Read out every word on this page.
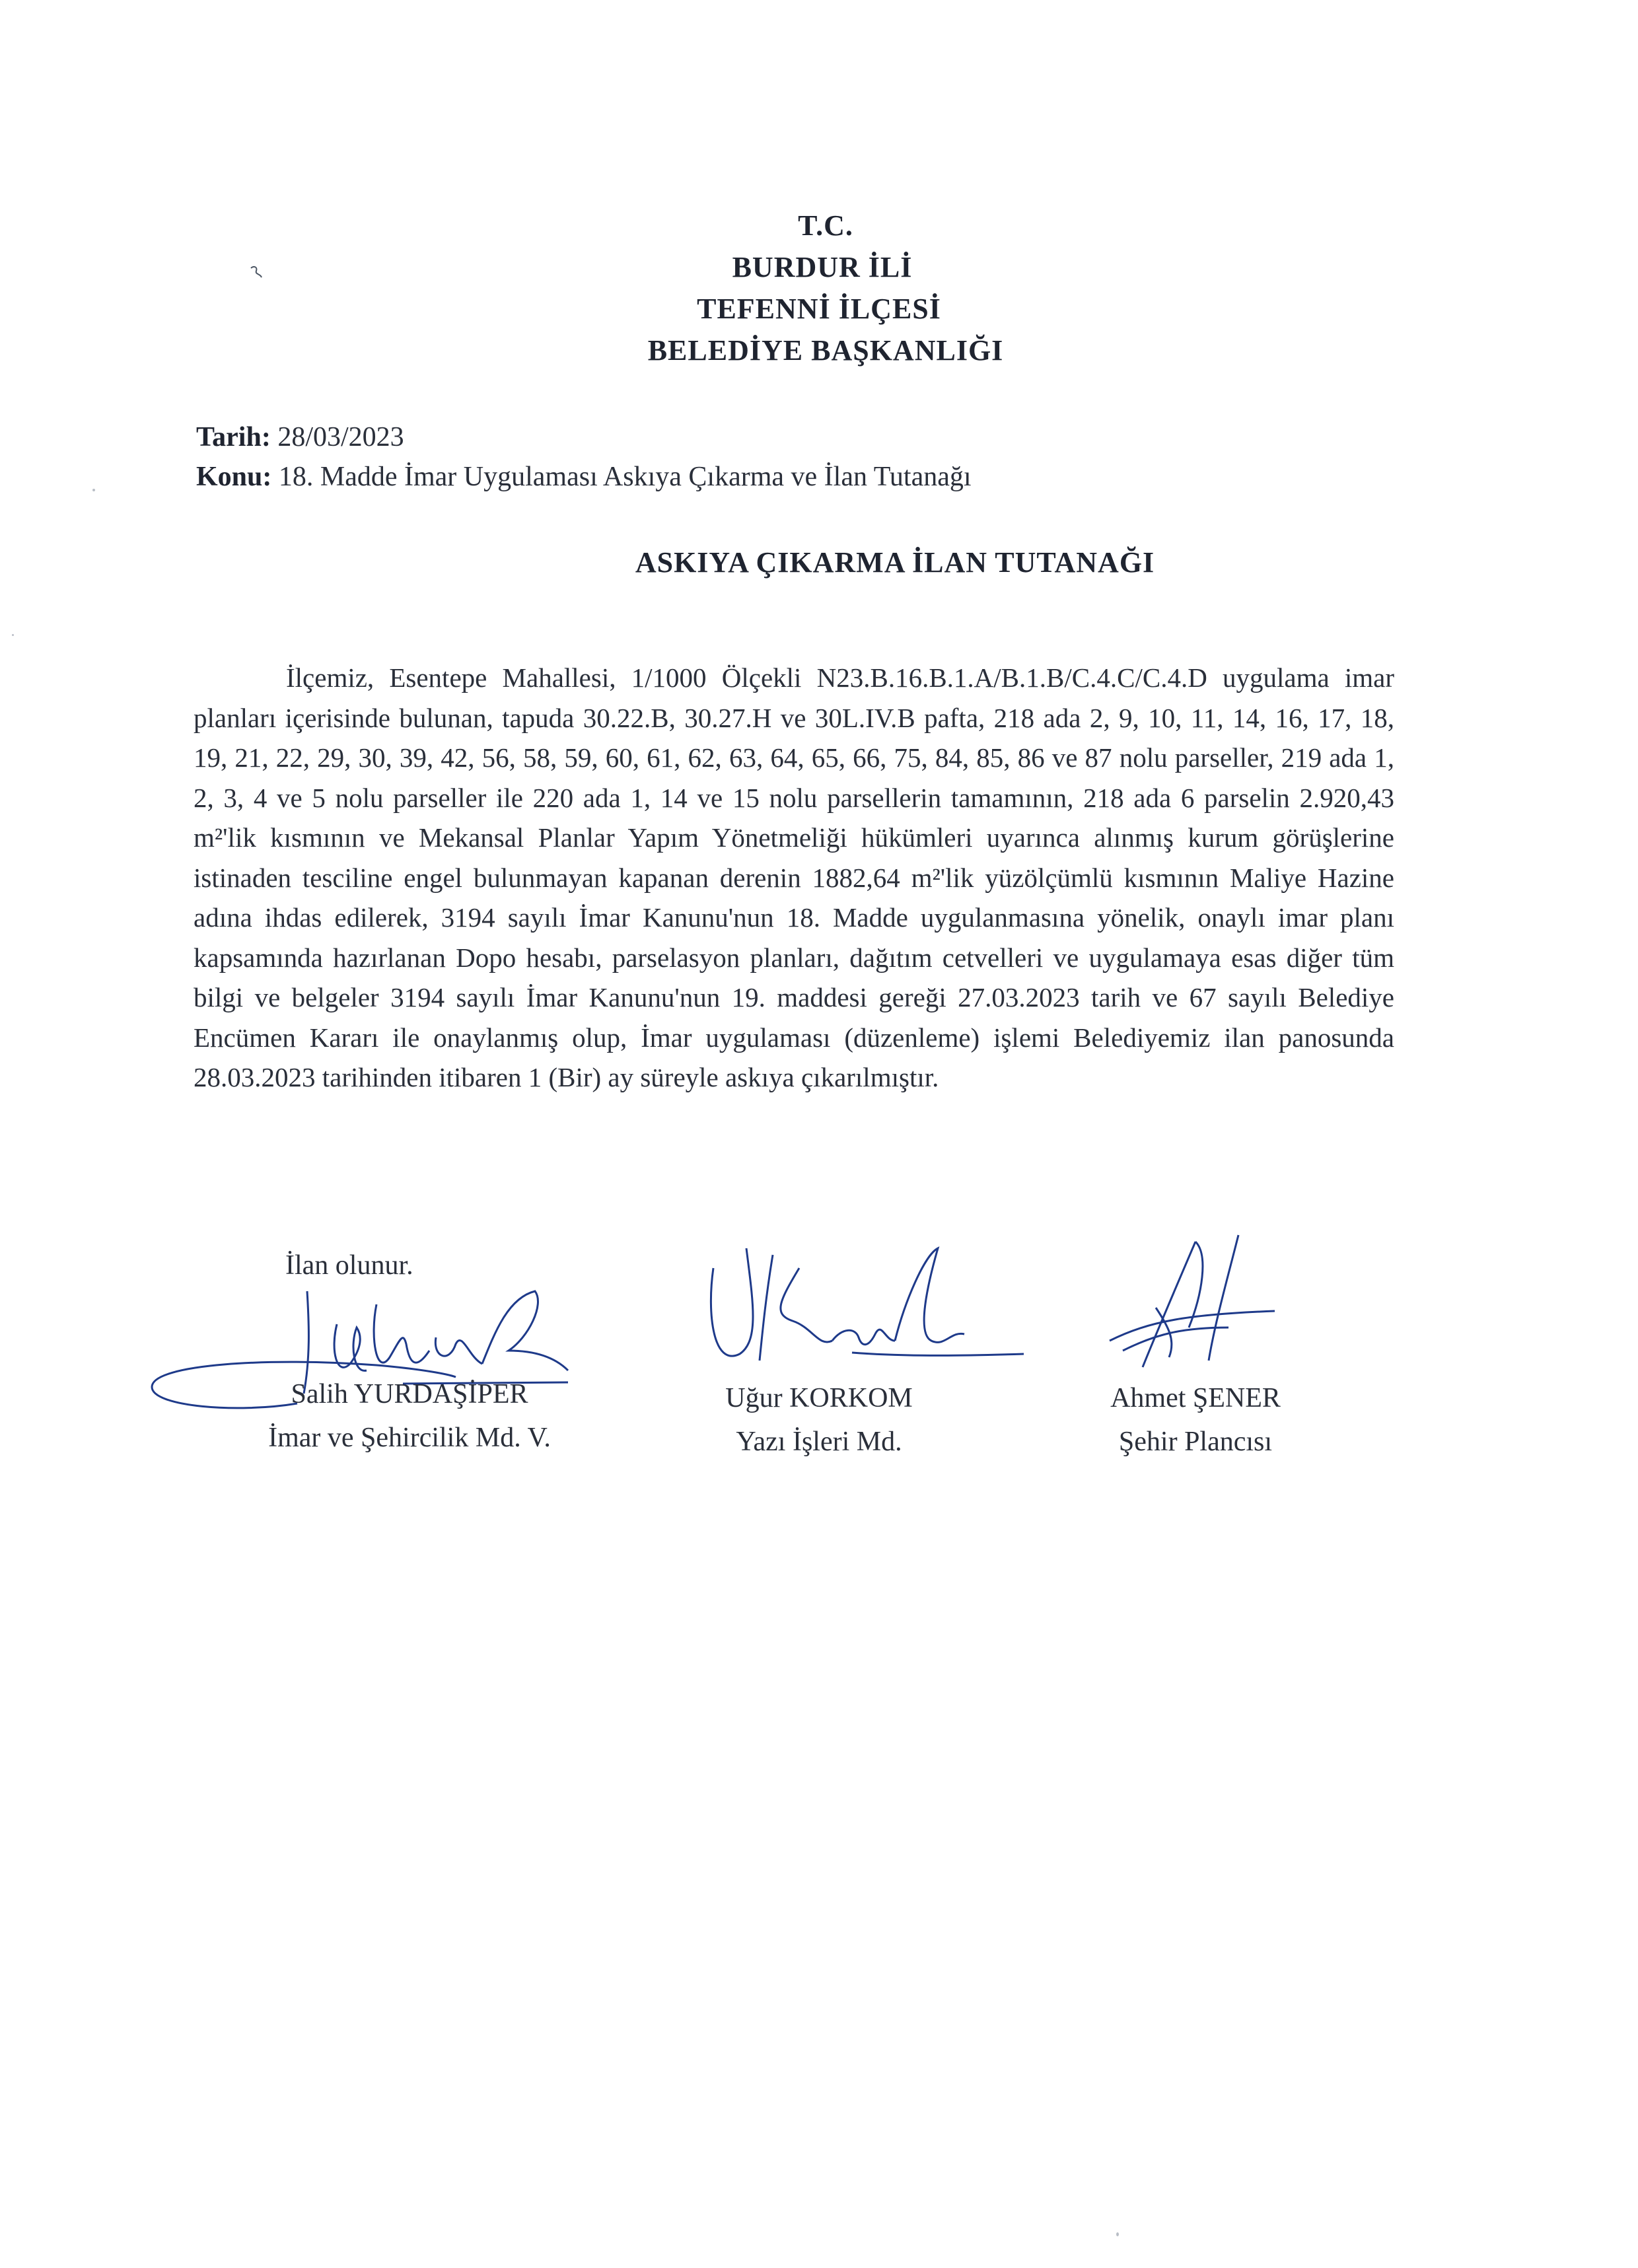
T.C.
BURDUR İLİ
TEFENNİ İLÇESİ
BELEDİYE BAŞKANLIĞI
Tarih: 28/03/2023
Konu: 18. Madde İmar Uygulaması Askıya Çıkarma ve İlan Tutanağı
ASKIYA ÇIKARMA İLAN TUTANAĞI
İlçemiz, Esentepe Mahallesi, 1/1000 Ölçekli N23.B.16.B.1.A/B.1.B/C.4.C/C.4.D uygulama imar planları içerisinde bulunan, tapuda 30.22.B, 30.27.H ve 30L.IV.B pafta, 218 ada 2, 9, 10, 11, 14, 16, 17, 18, 19, 21, 22, 29, 30, 39, 42, 56, 58, 59, 60, 61, 62, 63, 64, 65, 66, 75, 84, 85, 86 ve 87 nolu parseller, 219 ada 1, 2, 3, 4 ve 5 nolu parseller ile 220 ada 1, 14 ve 15 nolu parsellerin tamamının, 218 ada 6 parselin 2.920,43 m²'lik kısmının ve Mekansal Planlar Yapım Yönetmeliği hükümleri uyarınca alınmış kurum görüşlerine istinaden tesciline engel bulunmayan kapanan derenin 1882,64 m²'lik yüzölçümlü kısmının Maliye Hazine adına ihdas edilerek, 3194 sayılı İmar Kanunu'nun 18. Madde uygulanmasına yönelik, onaylı imar planı kapsamında hazırlanan Dopo hesabı, parselasyon planları, dağıtım cetvelleri ve uygulamaya esas diğer tüm bilgi ve belgeler 3194 sayılı İmar Kanunu'nun 19. maddesi gereği 27.03.2023 tarih ve 67 sayılı Belediye Encümen Kararı ile onaylanmış olup, İmar uygulaması (düzenleme) işlemi Belediyemiz ilan panosunda 28.03.2023 tarihinden itibaren 1 (Bir) ay süreyle askıya çıkarılmıştır.
İlan olunur.
Salih YURDAŞİPER
İmar ve Şehircilik Md. V.
Uğur KORKOM
Yazı İşleri Md.
Ahmet ŞENER
Şehir Plancısı
